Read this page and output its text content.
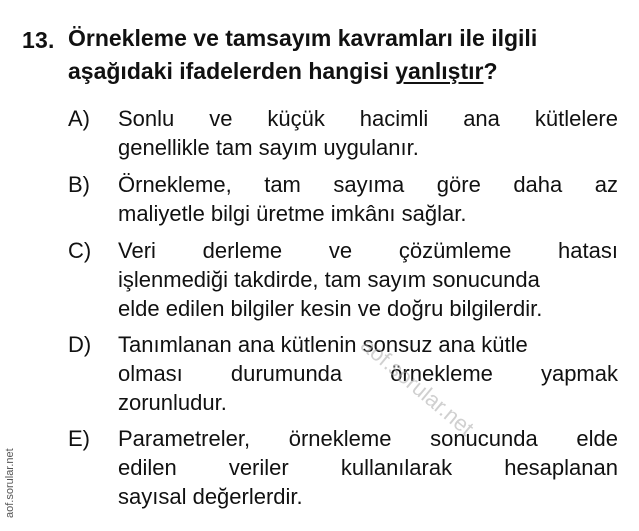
13. Örnekleme ve tamsayım kavramları ile ilgili
aşağıdaki ifadelerden hangisi yanlıştır?
A) Sonlu ve küçük hacimli ana kütlelere
genellikle tam sayım uygulanır.
B) Örnekleme, tam sayıma göre daha az
maliyetle bilgi üretme imkânı sağlar.
C) Veri derleme ve çözümleme hatası
işlenmediği takdirde, tam sayım sonucunda
elde edilen bilgiler kesin ve doğru bilgilerdir.
D) Tanımlanan ana kütlenin sonsuz ana kütle
olması durumunda örnekleme yapmak
zorunludur.
E) Parametreler, örnekleme sonucunda elde
edilen veriler kullanılarak hesaplanan
sayısal değerlerdir.
aof.sorular.net
aof.sorular.net
